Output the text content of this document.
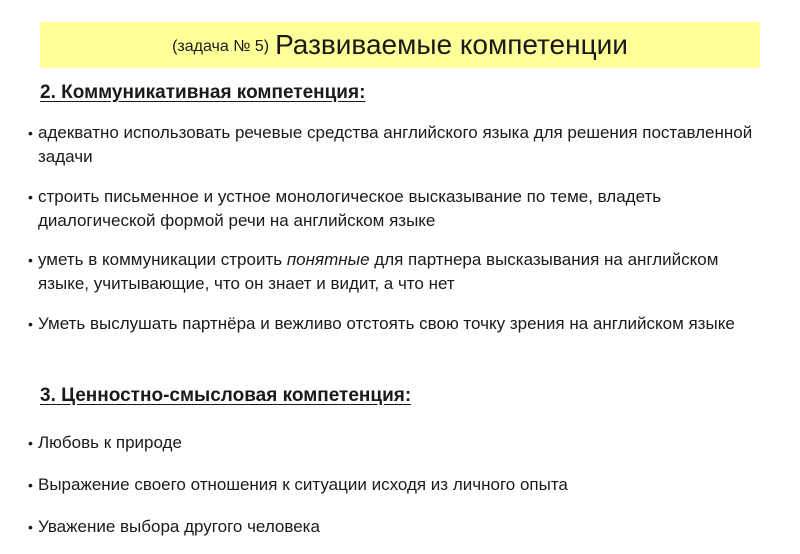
(задача № 5) Развиваемые компетенции
2. Коммуникативная компетенция:
• адекватно использовать речевые средства английского языка для решения поставленной задачи
• строить письменное и устное монологическое высказывание по теме, владеть диалогической формой речи на английском языке
• уметь в коммуникации строить понятные для партнера высказывания на английском языке, учитывающие, что он знает и видит, а что нет
• Уметь выслушать партнёра и вежливо отстоять свою точку зрения на английском языке
3. Ценностно-смысловая компетенция:
• Любовь к природе
• Выражение своего отношения к ситуации исходя из личного опыта
• Уважение выбора другого человека
